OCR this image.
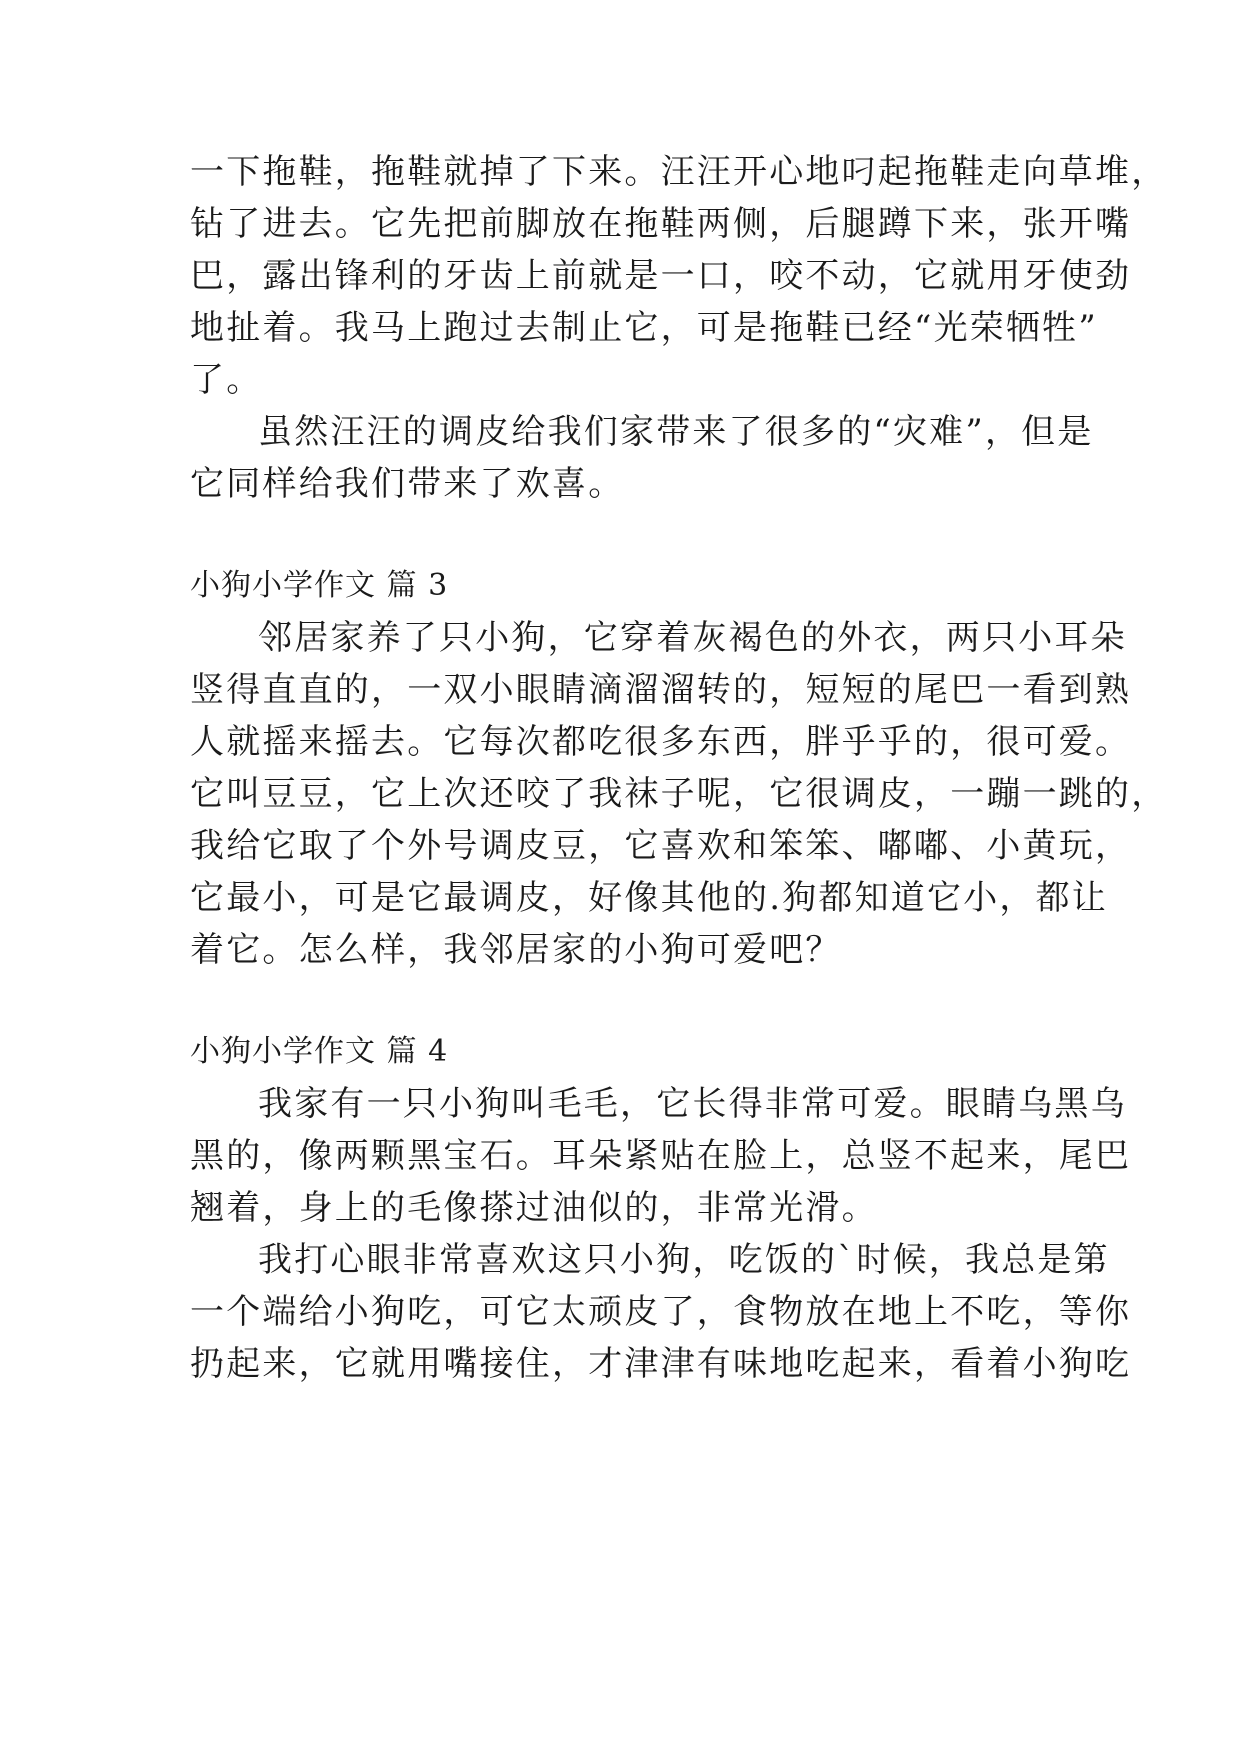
一下拖鞋，拖鞋就掉了下来。汪汪开心地叼起拖鞋走向草堆，
钻了进去。它先把前脚放在拖鞋两侧，后腿蹲下来，张开嘴
巴，露出锋利的牙齿上前就是一口，咬不动，它就用牙使劲
地扯着。我马上跑过去制止它，可是拖鞋已经“光荣牺牲”
了。
虽然汪汪的调皮给我们家带来了很多的“灾难”，但是
它同样给我们带来了欢喜。
小狗小学作文 篇 3
邻居家养了只小狗，它穿着灰褐色的外衣，两只小耳朵
竖得直直的，一双小眼睛滴溜溜转的，短短的尾巴一看到熟
人就摇来摇去。它每次都吃很多东西，胖乎乎的，很可爱。
它叫豆豆，它上次还咬了我袜子呢，它很调皮，一蹦一跳的，
我给它取了个外号调皮豆，它喜欢和笨笨、嘟嘟、小黄玩，
它最小，可是它最调皮，好像其他的.狗都知道它小，都让
着它。怎么样，我邻居家的小狗可爱吧？
小狗小学作文 篇 4
我家有一只小狗叫毛毛，它长得非常可爱。眼睛乌黑乌
黑的，像两颗黑宝石。耳朵紧贴在脸上，总竖不起来，尾巴
翘着，身上的毛像搽过油似的，非常光滑。
我打心眼非常喜欢这只小狗，吃饭的`时候，我总是第
一个端给小狗吃，可它太顽皮了，食物放在地上不吃，等你
扔起来，它就用嘴接住，才津津有味地吃起来，看着小狗吃
